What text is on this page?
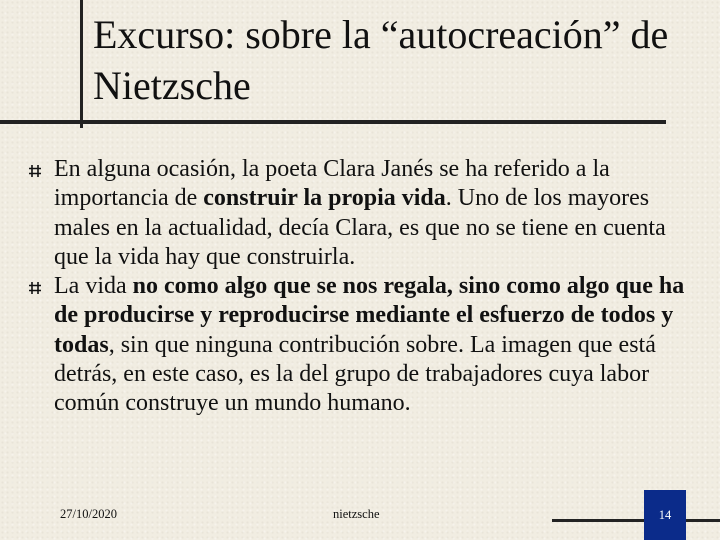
Excurso: sobre la “autocreación” de Nietzsche
En alguna ocasión, la poeta Clara Janés se ha referido a la importancia de construir la propia vida. Uno de los mayores males en la actualidad, decía Clara, es que no se tiene en cuenta que la vida hay que construirla.
La vida no como algo que se nos regala, sino como algo que ha de producirse y reproducirse mediante el esfuerzo de todos y todas, sin que ninguna contribución sobre. La imagen que está detrás, en este caso, es la del grupo de trabajadores cuya labor común construye un mundo humano.
27/10/2020	nietzsche	14
